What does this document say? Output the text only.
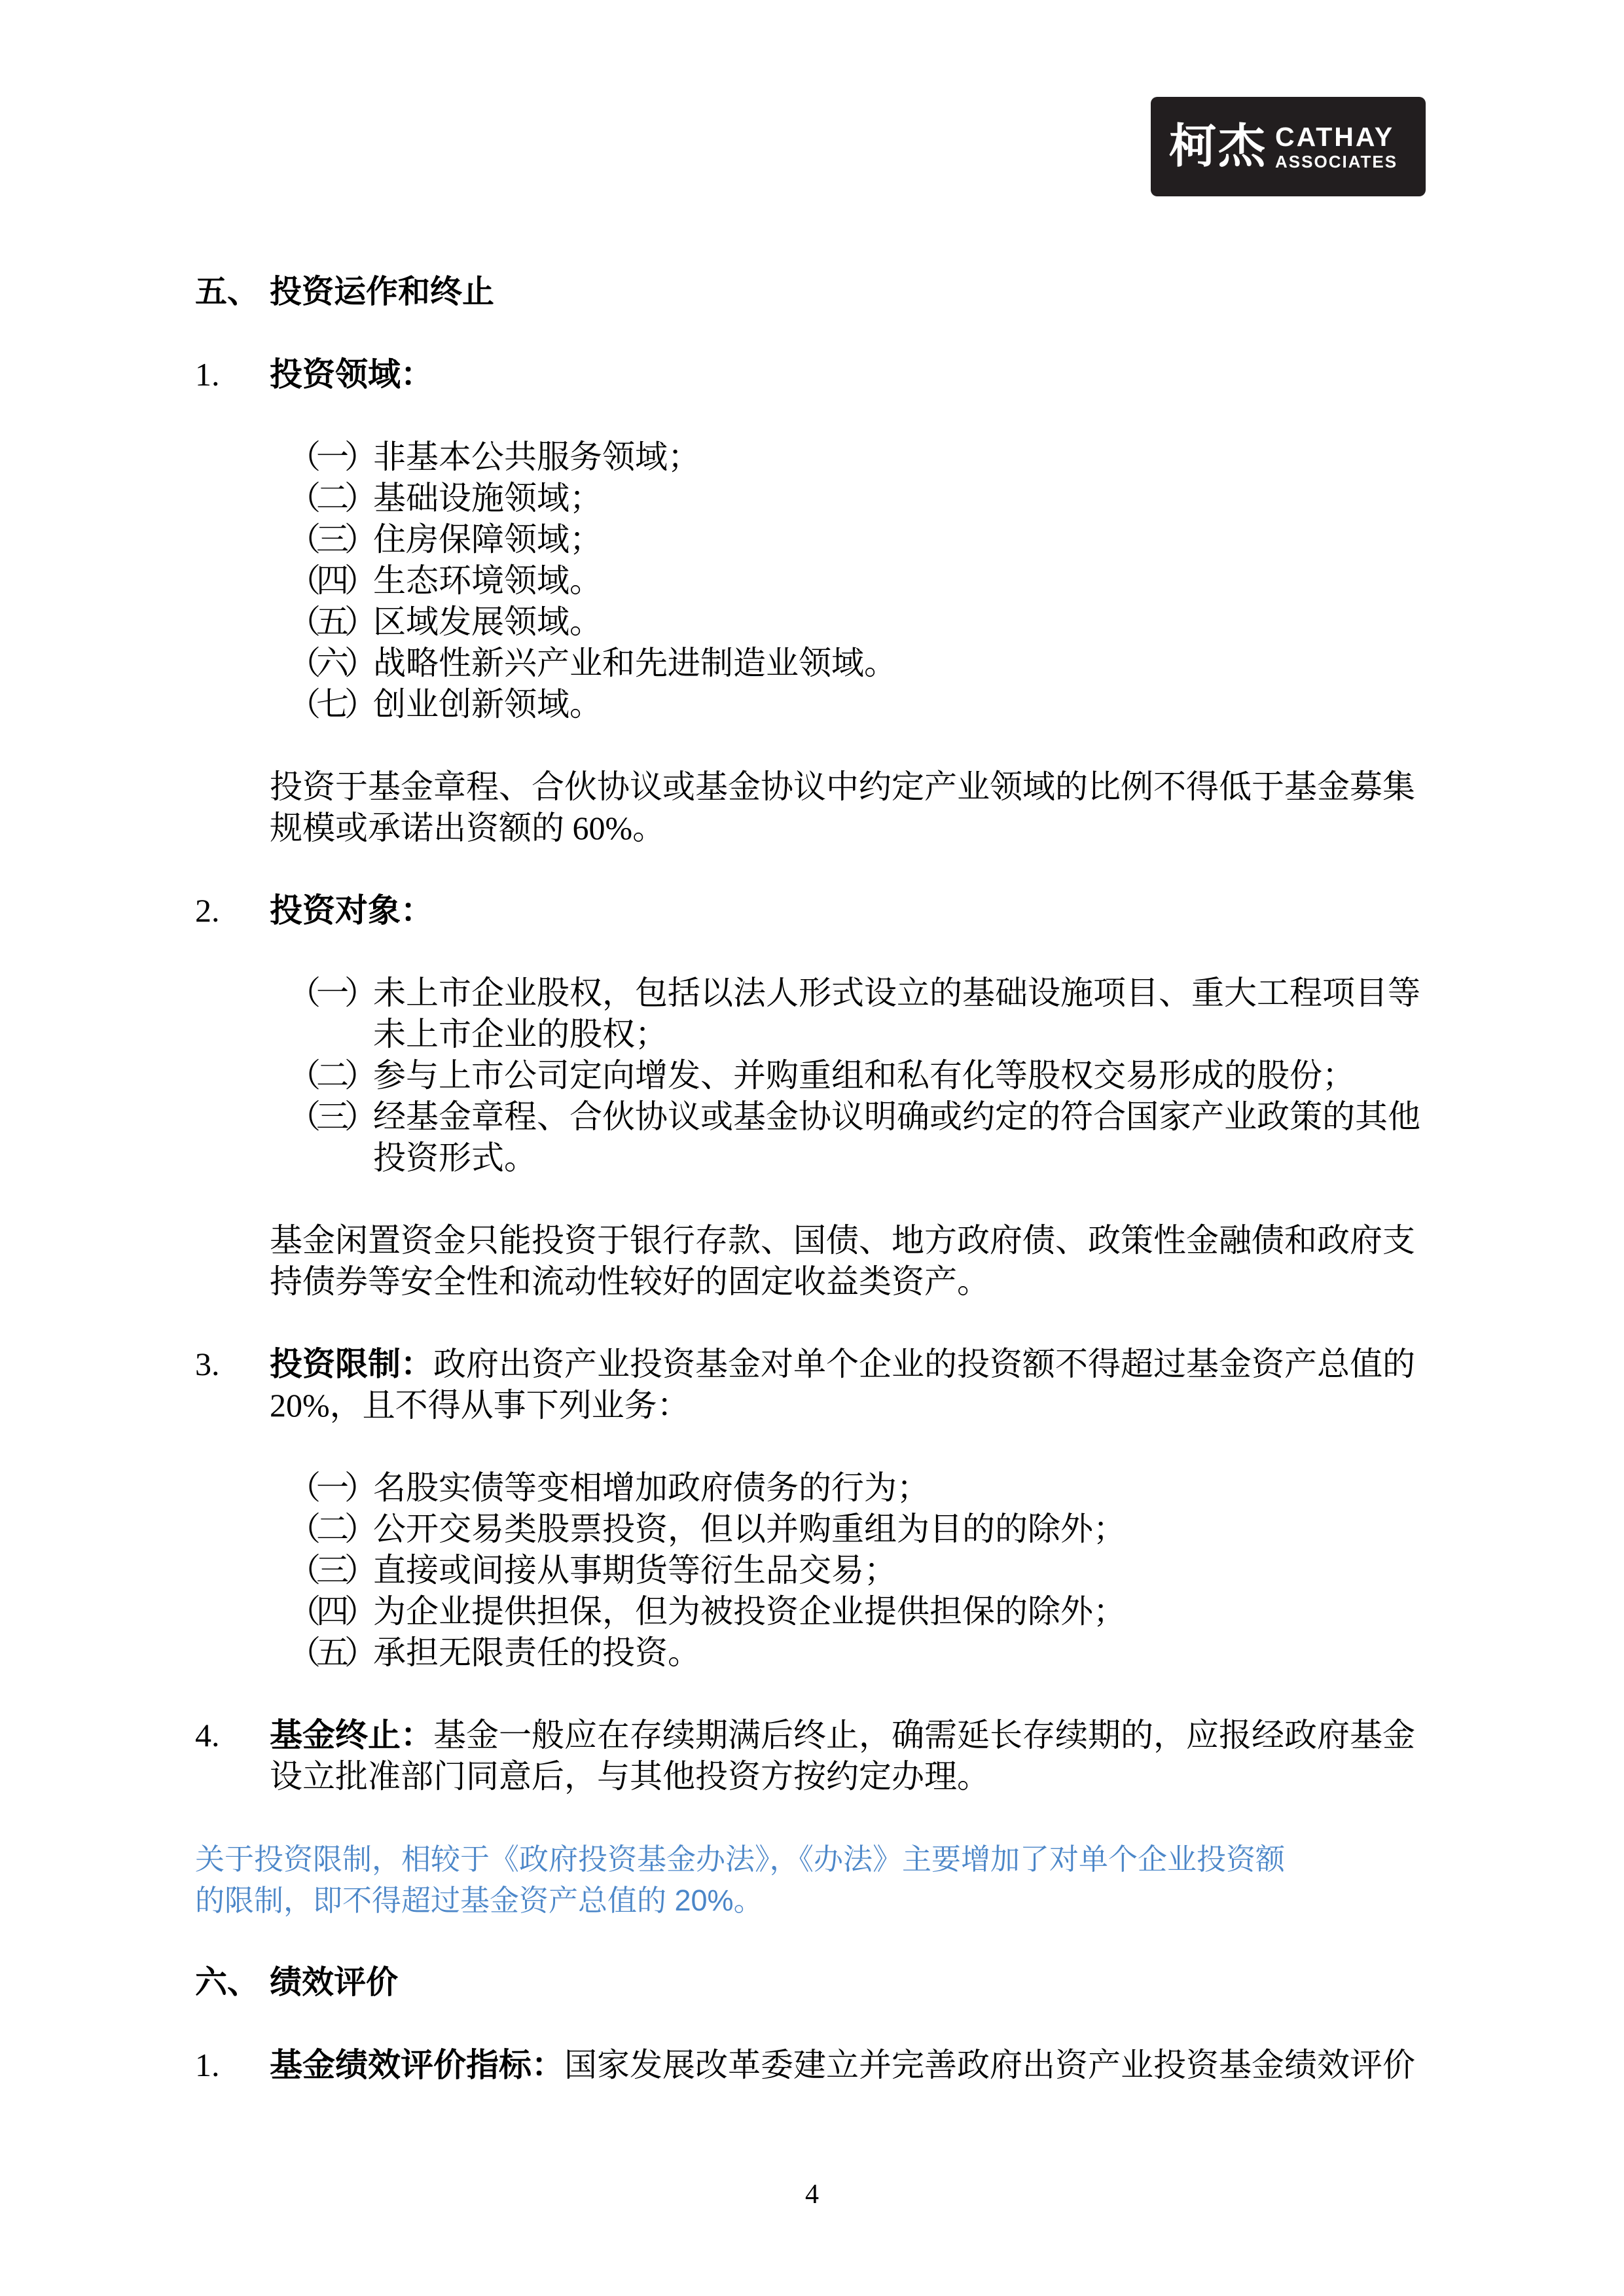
柯杰 CATHAY
ASSOCIATES
五、 投资运作和终止
1. 投资领域：
（一） 非基本公共服务领域；
（二） 基础设施领域；
（三） 住房保障领域；
（四） 生态环境领域。
（五） 区域发展领域。
（六） 战略性新兴产业和先进制造业领域。
（七） 创业创新领域。
投资于基金章程、合伙协议或基金协议中约定产业领域的比例不得低于基金募集
规模或承诺出资额的 60%。
2. 投资对象：
（一） 未上市企业股权，包括以法人形式设立的基础设施项目、重大工程项目等
未上市企业的股权；
（二） 参与上市公司定向增发、并购重组和私有化等股权交易形成的股份；
（三） 经基金章程、合伙协议或基金协议明确或约定的符合国家产业政策的其他
投资形式。
基金闲置资金只能投资于银行存款、国债、地方政府债、政策性金融债和政府支
持债券等安全性和流动性较好的固定收益类资产。
3. 投资限制：政府出资产业投资基金对单个企业的投资额不得超过基金资产总值的
20%，且不得从事下列业务：
（一） 名股实债等变相增加政府债务的行为；
（二） 公开交易类股票投资，但以并购重组为目的的除外；
（三） 直接或间接从事期货等衍生品交易；
（四） 为企业提供担保，但为被投资企业提供担保的除外；
（五） 承担无限责任的投资。
4. 基金终止：基金一般应在存续期满后终止，确需延长存续期的，应报经政府基金
设立批准部门同意后，与其他投资方按约定办理。
关于投资限制，相较于《政府投资基金办法》，《办法》主要增加了对单个企业投资额
的限制，即不得超过基金资产总值的 20%。
六、 绩效评价
1. 基金绩效评价指标：国家发展改革委建立并完善政府出资产业投资基金绩效评价
4
